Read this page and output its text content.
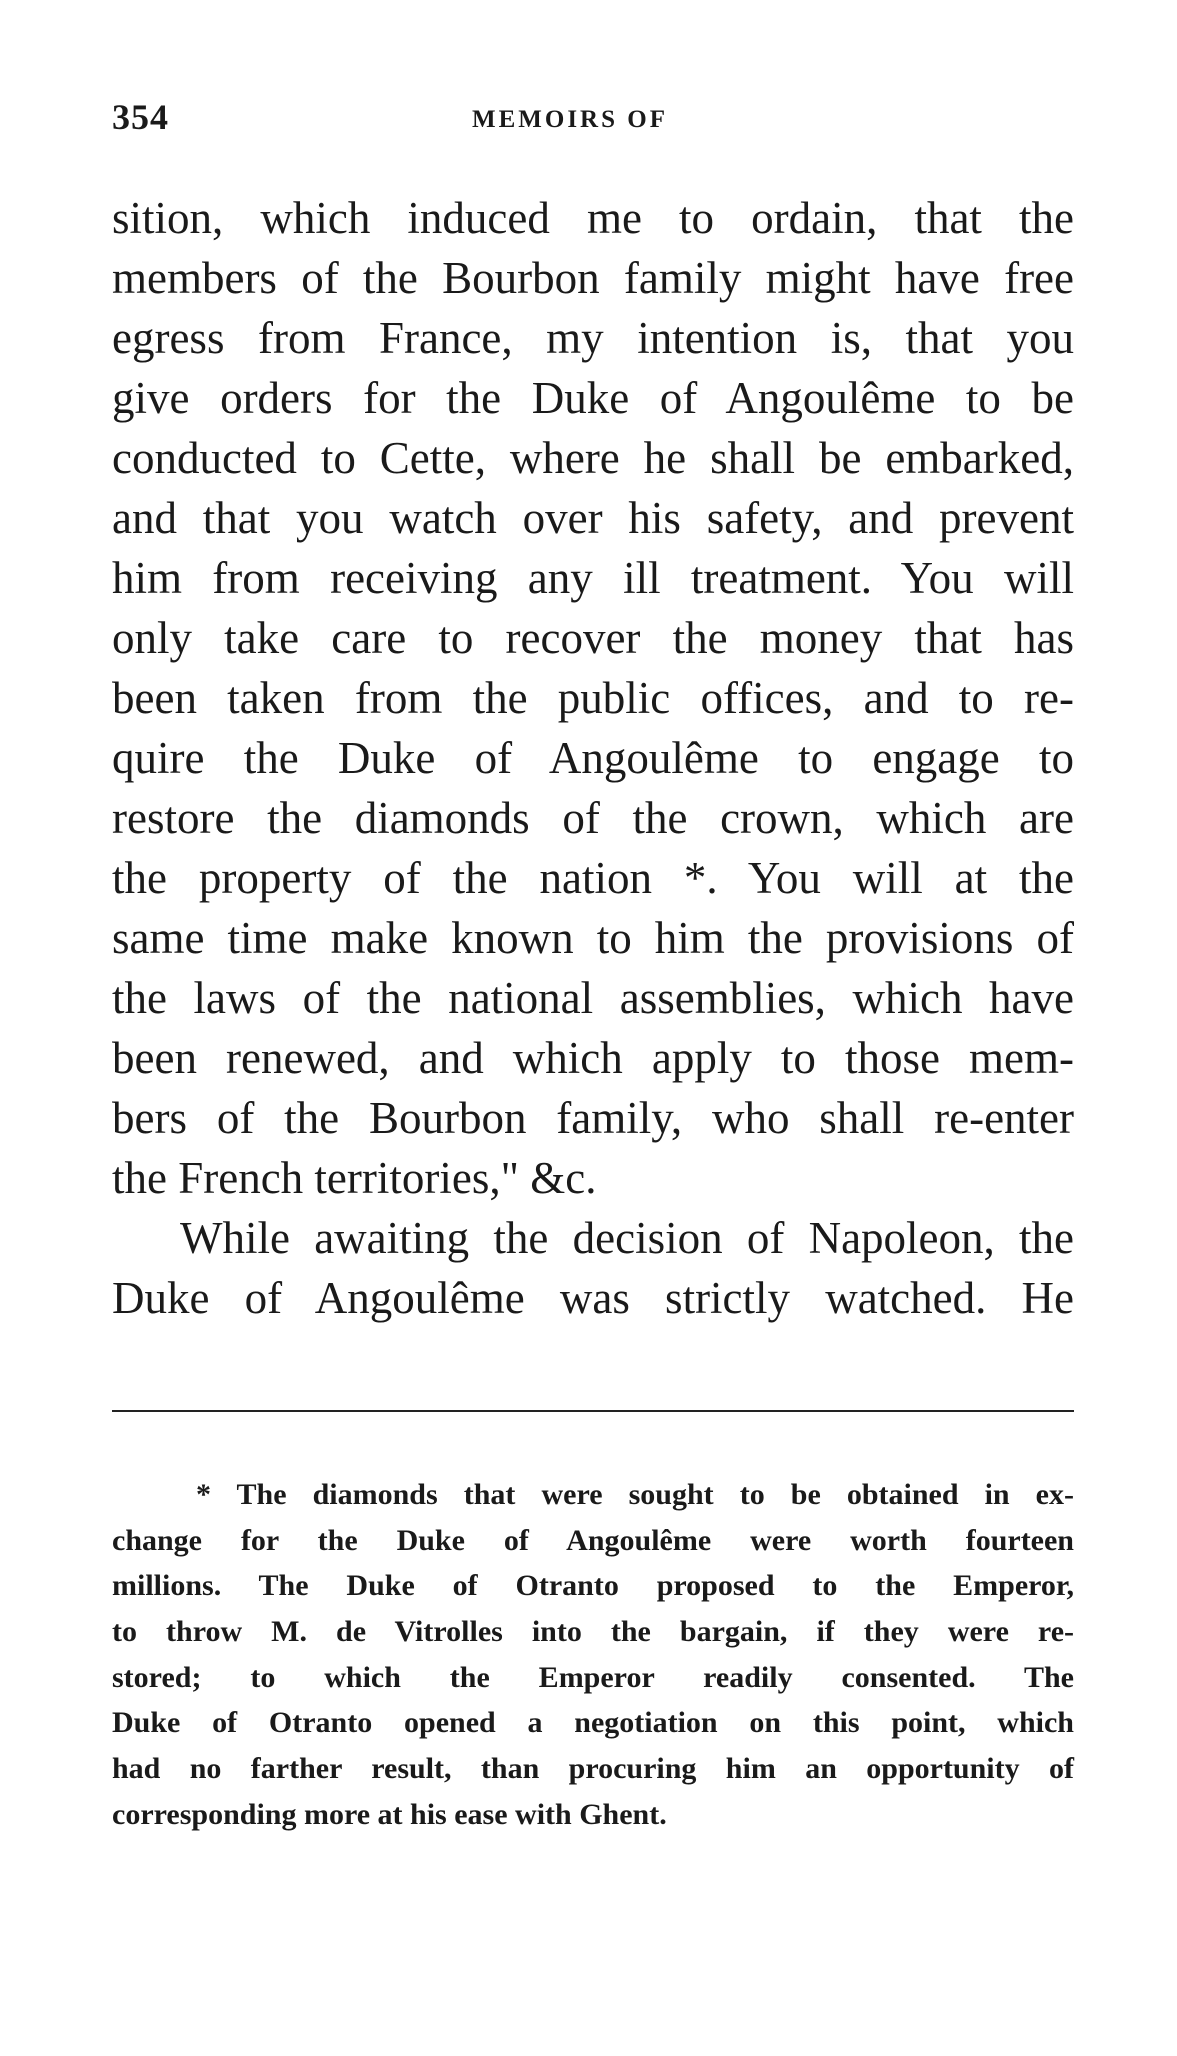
354	MEMOIRS OF
sition, which induced me to ordain, that the
members of the Bourbon family might have free
egress from France, my intention is, that you
give orders for the Duke of Angoulême to be
conducted to Cette, where he shall be embarked,
and that you watch over his safety, and prevent
him from receiving any ill treatment. You will
only take care to recover the money that has
been taken from the public offices, and to re-
quire the Duke of Angoulême to engage to
restore the diamonds of the crown, which are
the property of the nation *. You will at the
same time make known to him the provisions of
the laws of the national assemblies, which have
been renewed, and which apply to those mem-
bers of the Bourbon family, who shall re-enter
the French territories," &c.
While awaiting the decision of Napoleon, the
Duke of Angoulême was strictly watched. He
* The diamonds that were sought to be obtained in ex-
change for the Duke of Angoulême were worth fourteen
millions. The Duke of Otranto proposed to the Emperor,
to throw M. de Vitrolles into the bargain, if they were re-
stored; to which the Emperor readily consented. The
Duke of Otranto opened a negotiation on this point, which
had no farther result, than procuring him an opportunity of
corresponding more at his ease with Ghent.
